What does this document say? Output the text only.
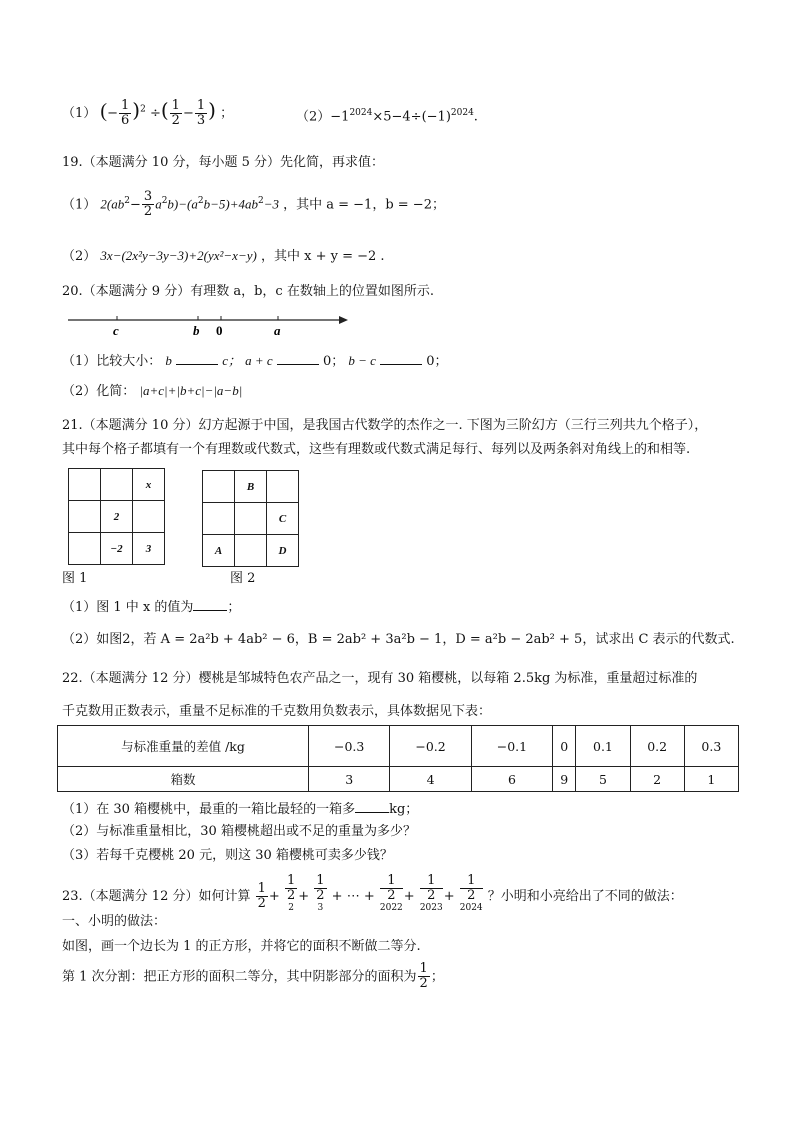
（1） (− $\frac{1}{6} )^2$ ÷( $\frac{1}{2} - \frac{1}{3}$ ) ；	$(2)-1^{2024}\times 5-4\div(-1)^{2024}$.
19.（本题满分 10 分，每小题 5 分）先化简，再求值：
（1） $2(ab^2- \frac{3}{2} a^2b)-(a^2b-5)+4ab^2-3$ ，其中 a = −1，b = −2；
（2） 3x−(2x²y−3y−3)+2(yx²−x−y) ，其中 x + y = −2 .
20.（本题满分 9 分）有理数 a，b，c 在数轴上的位置如图所示.
c	b 0	a
（1）比较大小： b	c； a + c	0； b − c	0；
（2）化简： |a+c|+|b+c|−|a−b|
21.（本题满分 10 分）幻方起源于中国，是我国古代数学的杰作之一. 下图为三阶幻方（三行三列共九个格子），
其中每个格子都填有一个有理数或代数式，这些有理数或代数式满足每行、每列以及两条斜对角线上的和相等.
		x
	2	
	−2	3
	B	
		C
A		D
图 1	图 2
（1）图 1 中 x 的值为	；
（2）如图2，若 A = 2a²b + 4ab² − 6，B = 2ab² + 3a²b − 1，D = a²b − 2ab² + 5，试求出 C 表示的代数式.
22.（本题满分 12 分）樱桃是邹城特色农产品之一，现有 30 箱樱桃，以每箱 2.5kg 为标准，重量超过标准的
千克数用正数表示，重量不足标准的千克数用负数表示，具体数据见下表：
与标准重量的差值 /kg	−0.3	−0.2	−0.1	0	0.1	0.2	0.3
箱数	3	4	6	9	5	2	1
（1）在 30 箱樱桃中，最重的一箱比最轻的一箱多	kg；
（2）与标准重量相比，30 箱樱桃超出或不足的重量为多少？
（3）若每千克樱桃 20 元，则这 30 箱樱桃可卖多少钱？
23.（本题满分 12 分）如何计算 $\frac{1}{2} + 1$
2
$^2$ + 1
2
$^3$ + ⋯ + 1
2
$^{2022}$ + 1
2
$^{2023}$ + 1
2
$^{2024}$ ？小明和小亮给出了不同的做法：
一、小明的做法：
如图，画一个边长为 1 的正方形，并将它的面积不断做二等分.
第 1 次分割：把正方形的面积二等分，其中阴影部分的面积为 $\frac{1}{2}$ ；
